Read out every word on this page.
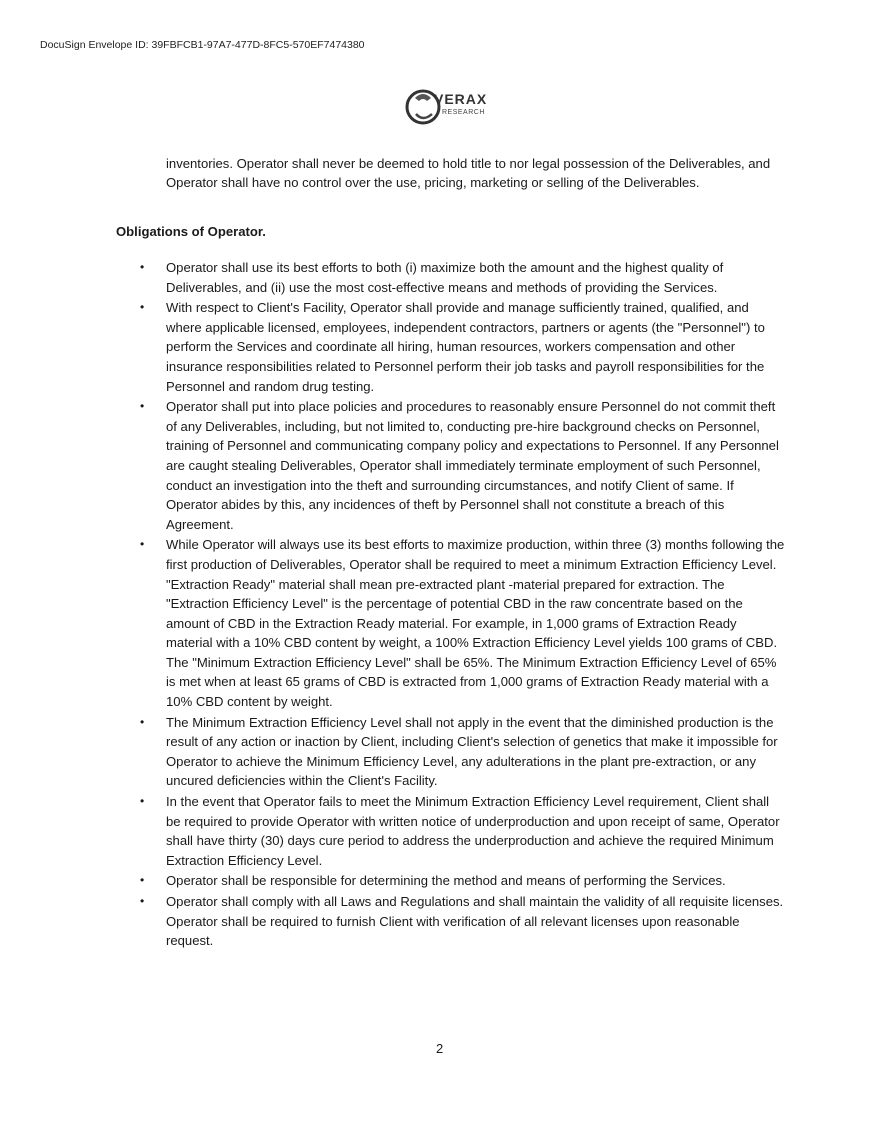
DocuSign Envelope ID: 39FBFCB1-97A7-477D-8FC5-570EF7474380
VERAX
RESEARCH
inventories. Operator shall never be deemed to hold title to nor legal possession of the Deliverables, and Operator shall have no control over the use, pricing, marketing or selling of the Deliverables.
Obligations of Operator.
• Operator shall use its best efforts to both (i) maximize both the amount and the highest quality of Deliverables, and (ii) use the most cost-effective means and methods of providing the Services.
• With respect to Client's Facility, Operator shall provide and manage sufficiently trained, qualified, and where applicable licensed, employees, independent contractors, partners or agents (the "Personnel") to perform the Services and coordinate all hiring, human resources, workers compensation and other insurance responsibilities related to Personnel perform their job tasks and payroll responsibilities for the Personnel and random drug testing.
• Operator shall put into place policies and procedures to reasonably ensure Personnel do not commit theft of any Deliverables, including, but not limited to, conducting pre-hire background checks on Personnel, training of Personnel and communicating company policy and expectations to Personnel. If any Personnel are caught stealing Deliverables, Operator shall immediately terminate employment of such Personnel, conduct an investigation into the theft and surrounding circumstances, and notify Client of same. If Operator abides by this, any incidences of theft by Personnel shall not constitute a breach of this Agreement.
• While Operator will always use its best efforts to maximize production, within three (3) months following the first production of Deliverables, Operator shall be required to meet a minimum Extraction Efficiency Level. "Extraction Ready" material shall mean pre-extracted plant -material prepared for extraction. The "Extraction Efficiency Level" is the percentage of potential CBD in the raw concentrate based on the amount of CBD in the Extraction Ready material. For example, in 1,000 grams of Extraction Ready material with a 10% CBD content by weight, a 100% Extraction Efficiency Level yields 100 grams of CBD. The "Minimum Extraction Efficiency Level" shall be 65%. The Minimum Extraction Efficiency Level of 65% is met when at least 65 grams of CBD is extracted from 1,000 grams of Extraction Ready material with a 10% CBD content by weight.
• The Minimum Extraction Efficiency Level shall not apply in the event that the diminished production is the result of any action or inaction by Client, including Client's selection of genetics that make it impossible for Operator to achieve the Minimum Efficiency Level, any adulterations in the plant pre-extraction, or any uncured deficiencies within the Client's Facility.
• In the event that Operator fails to meet the Minimum Extraction Efficiency Level requirement, Client shall be required to provide Operator with written notice of underproduction and upon receipt of same, Operator shall have thirty (30) days cure period to address the underproduction and achieve the required Minimum Extraction Efficiency Level.
• Operator shall be responsible for determining the method and means of performing the Services.
• Operator shall comply with all Laws and Regulations and shall maintain the validity of all requisite licenses. Operator shall be required to furnish Client with verification of all relevant licenses upon reasonable request.
2
